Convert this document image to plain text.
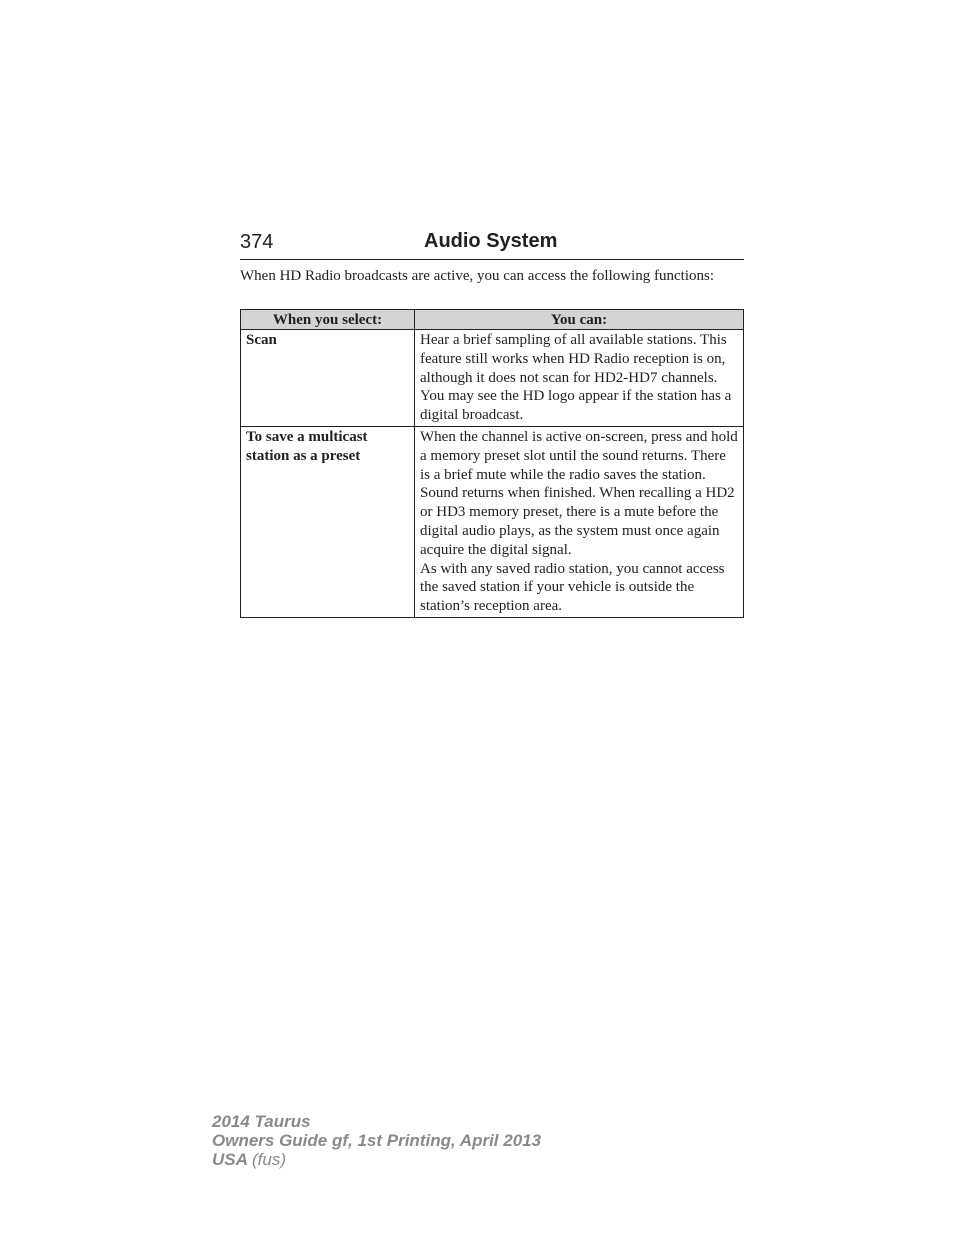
374	Audio System

When HD Radio broadcasts are active, you can access the following functions:

When you select:	You can:
Scan	Hear a brief sampling of all available stations. This feature still works when HD Radio reception is on, although it does not scan for HD2-HD7 channels. You may see the HD logo appear if the station has a digital broadcast.

To save a multicast station as a preset	When the channel is active on-screen, press and hold a memory preset slot until the sound returns. There is a brief mute while the radio saves the station. Sound returns when finished. When recalling a HD2 or HD3 memory preset, there is a mute before the digital audio plays, as the system must once again acquire the digital signal.

As with any saved radio station, you cannot access the saved station if your vehicle is outside the station’s reception area.

2014 Taurus
Owners Guide gf, 1st Printing, April 2013
USA (fus)
